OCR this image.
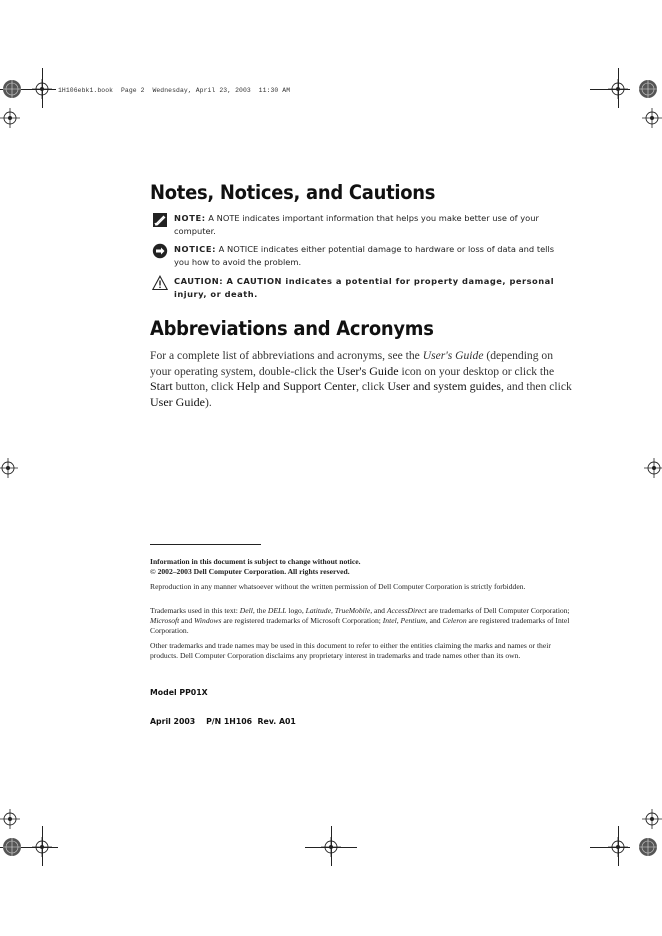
1H106ebk1.book  Page 2  Wednesday, April 23, 2003  11:30 AM
Notes, Notices, and Cautions
NOTE: A NOTE indicates important information that helps you make better use of your computer.
NOTICE: A NOTICE indicates either potential damage to hardware or loss of data and tells you how to avoid the problem.
CAUTION: A CAUTION indicates a potential for property damage, personal injury, or death.
Abbreviations and Acronyms
For a complete list of abbreviations and acronyms, see the User's Guide (depending on your operating system, double-click the User's Guide icon on your desktop or click the Start button, click Help and Support Center, click User and system guides, and then click User Guide).
Information in this document is subject to change without notice.
© 2002–2003 Dell Computer Corporation. All rights reserved.
Reproduction in any manner whatsoever without the written permission of Dell Computer Corporation is strictly forbidden.
Trademarks used in this text: Dell, the DELL logo, Latitude, TrueMobile, and AccessDirect are trademarks of Dell Computer Corporation; Microsoft and Windows are registered trademarks of Microsoft Corporation; Intel, Pentium, and Celeron are registered trademarks of Intel Corporation.
Other trademarks and trade names may be used in this document to refer to either the entities claiming the marks and names or their products. Dell Computer Corporation disclaims any proprietary interest in trademarks and trade names other than its own.
Model PP01X
April 2003    P/N 1H106  Rev. A01
